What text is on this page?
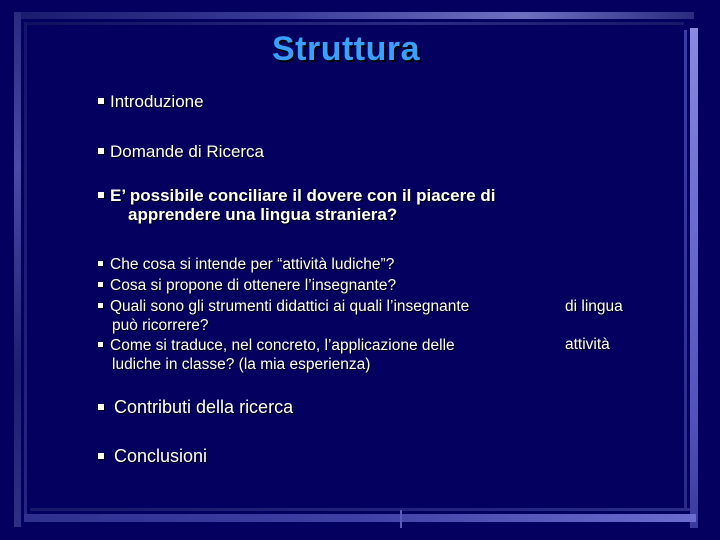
Struttura
Introduzione
Domande di Ricerca
E’ possibile conciliare il dovere con il piacere di
apprendere una lingua straniera?
Che cosa si intende per “attività ludiche”?
Cosa si propone di ottenere l’insegnante?
Quali sono gli strumenti didattici ai quali l’insegnante
può ricorrere?
Come si traduce, nel concreto, l’applicazione delle
ludiche in classe? (la mia esperienza)
di lingua
attività
Contributi della ricerca
Conclusioni
